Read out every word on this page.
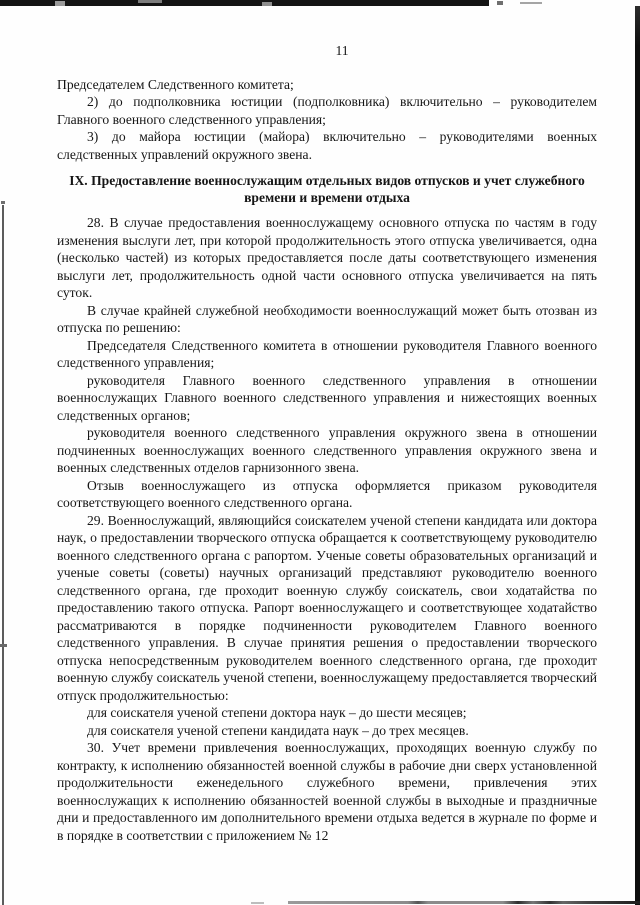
11

Председателем Следственного комитета;

2) до подполковника юстиции (подполковника) включительно – руководителем Главного военного следственного управления;

3) до майора юстиции (майора) включительно – руководителями военных следственных управлений окружного звена.

IX. Предоставление военнослужащим отдельных видов отпусков и учет служебного времени и времени отдыха

28. В случае предоставления военнослужащему основного отпуска по частям в году изменения выслуги лет, при которой продолжительность этого отпуска увеличивается, одна (несколько частей) из которых предоставляется после даты соответствующего изменения выслуги лет, продолжительность одной части основного отпуска увеличивается на пять суток.

В случае крайней служебной необходимости военнослужащий может быть отозван из отпуска по решению:

Председателя Следственного комитета в отношении руководителя Главного военного следственного управления;

руководителя Главного военного следственного управления в отношении военнослужащих Главного военного следственного управления и нижестоящих военных следственных органов;

руководителя военного следственного управления окружного звена в отношении подчиненных военнослужащих военного следственного управления окружного звена и военных следственных отделов гарнизонного звена.

Отзыв военнослужащего из отпуска оформляется приказом руководителя соответствующего военного следственного органа.

29. Военнослужащий, являющийся соискателем ученой степени кандидата или доктора наук, о предоставлении творческого отпуска обращается к соответствующему руководителю военного следственного органа с рапортом. Ученые советы образовательных организаций и ученые советы (советы) научных организаций представляют руководителю военного следственного органа, где проходит военную службу соискатель, свои ходатайства по предоставлению такого отпуска. Рапорт военнослужащего и соответствующее ходатайство рассматриваются в порядке подчиненности руководителем Главного военного следственного управления. В случае принятия решения о предоставлении творческого отпуска непосредственным руководителем военного следственного органа, где проходит военную службу соискатель ученой степени, военнослужащему предоставляется творческий отпуск продолжительностью:

для соискателя ученой степени доктора наук – до шести месяцев;

для соискателя ученой степени кандидата наук – до трех месяцев.

30. Учет времени привлечения военнослужащих, проходящих военную службу по контракту, к исполнению обязанностей военной службы в рабочие дни сверх установленной продолжительности еженедельного служебного времени, привлечения этих военнослужащих к исполнению обязанностей военной службы в выходные и праздничные дни и предоставленного им дополнительного времени отдыха ведется в журнале по форме и в порядке в соответствии с приложением № 12
